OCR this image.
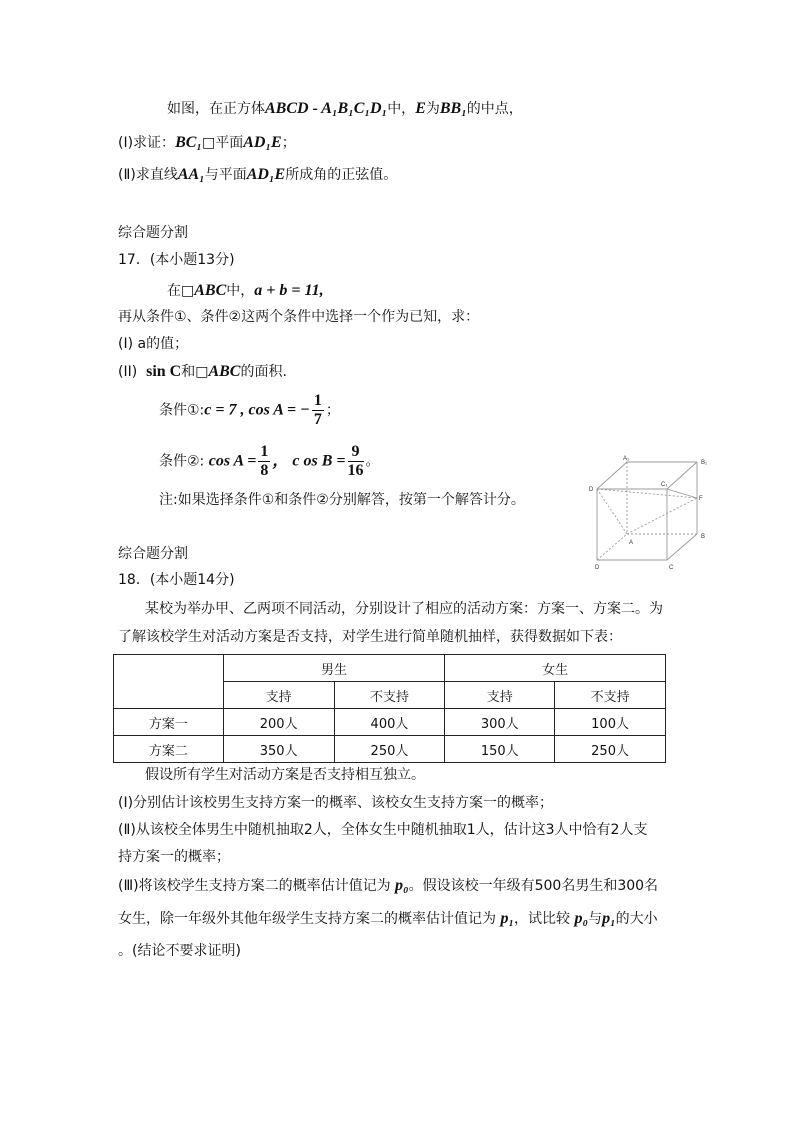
如图，在正方体ABCD - A₁B₁C₁D₁中，E为BB₁的中点，
(Ⅰ)求证：BC₁□平面AD₁E；
(Ⅱ)求直线AA₁与平面AD₁E所成角的正弦值。
综合题分割
17．(本小题13分)
在□ABC中，a + b = 11,
再从条件①、条件②这两个条件中选择一个作为已知，求：
(I) a的值；
(II) sin C和□ABC的面积.
条件①:c = 7 , cos A = − $\frac{1}{7}$ ；
条件②: $\cos A = \frac{1}{8}$ ， c os $B = \frac{9}{16}$ 。
注:如果选择条件①和条件②分别解答，按第一个解答计分。
A₁
B₁
D
C₁
F
A
B
D	C
综合题分割
18．(本小题14分)
某校为举办甲、乙两项不同活动，分别设计了相应的活动方案：方案一、方案二。为
了解该校学生对活动方案是否支持，对学生进行简单随机抽样，获得数据如下表：
	男生		女生	
	支持	不支持	支持	不支持
方案一	200人	400人	300人	100人
方案二	350人	250人	150人	250人
假设所有学生对活动方案是否支持相互独立。
(Ⅰ)分别估计该校男生支持方案一的概率、该校女生支持方案一的概率；
(Ⅱ)从该校全体男生中随机抽取2人，全体女生中随机抽取1人，估计这3人中恰有2人支
持方案一的概率；
(Ⅲ)将该校学生支持方案二的概率估计值记为 p₀。假设该校一年级有500名男生和300名
女生，除一年级外其他年级学生支持方案二的概率估计值记为 p₁，试比较 p₀与p₁的大小
。(结论不要求证明)
